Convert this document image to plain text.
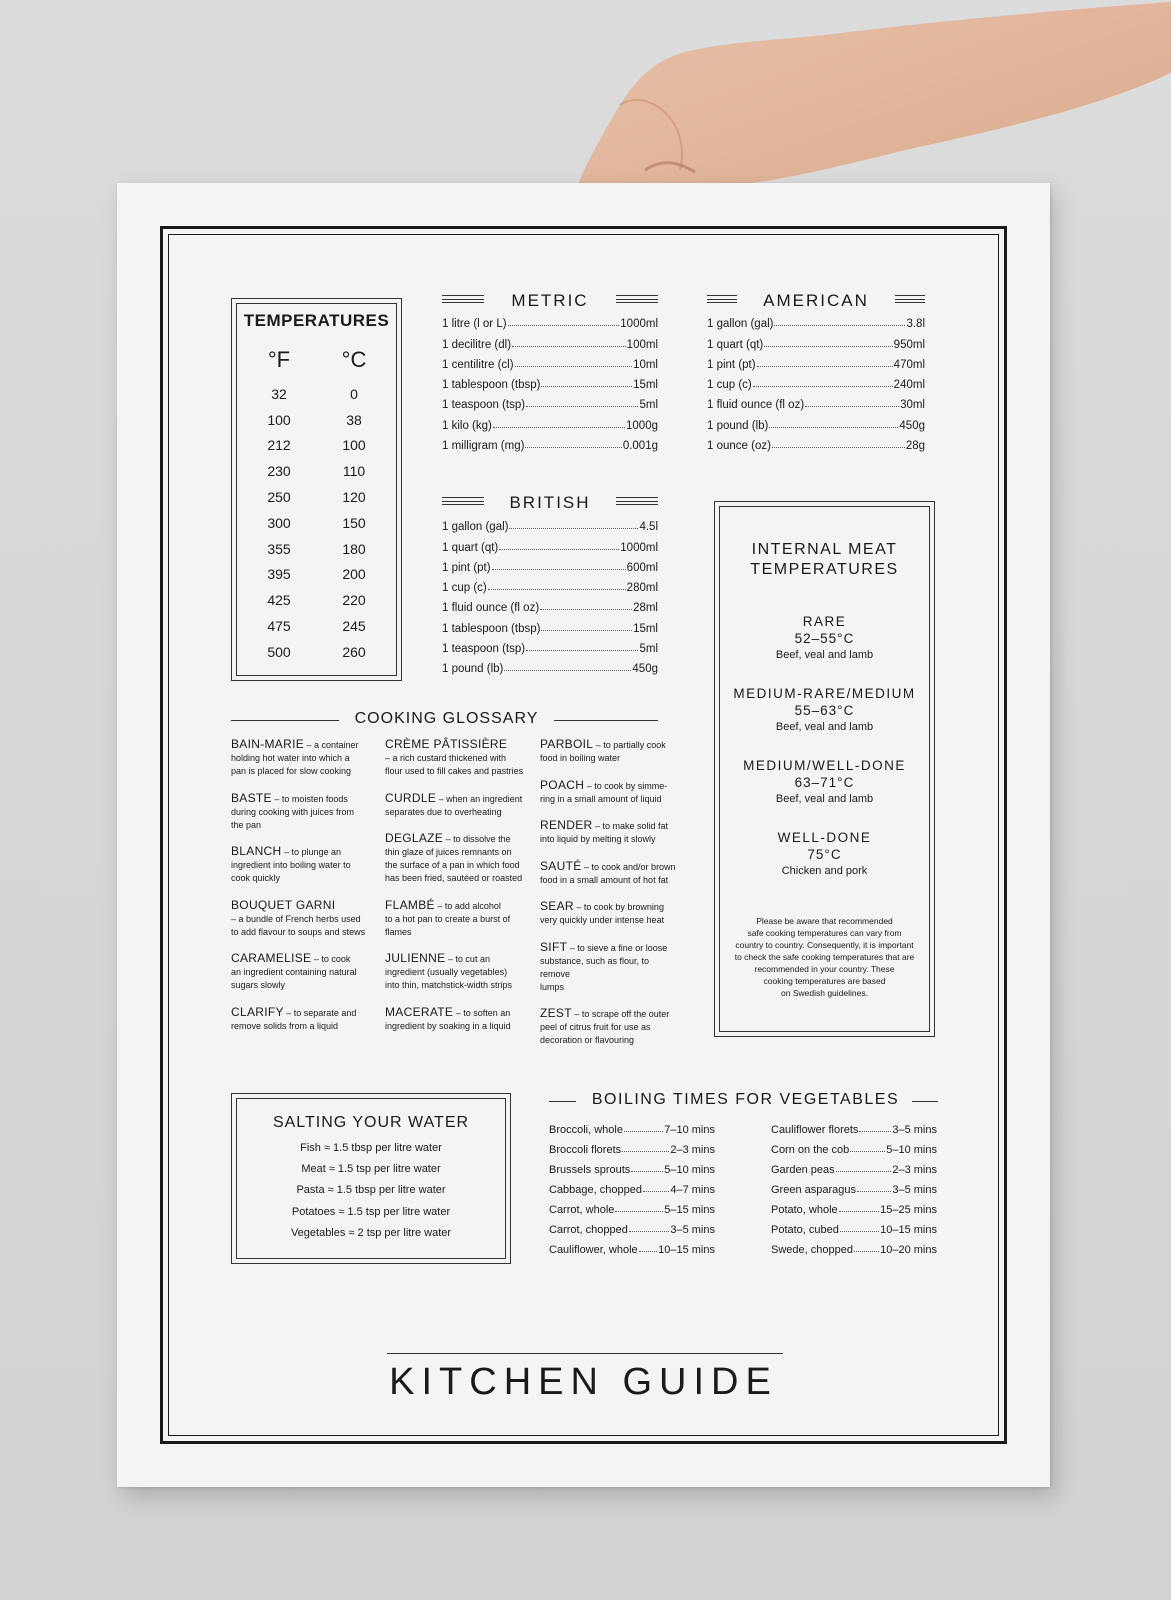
TEMPERATURES
°F	°C
32	0
100	38
212	100
230	110
250	120
300	150
355	180
395	200
425	220
475	245
500	260
METRIC
1 litre (l or L)	1000ml
1 decilitre (dl)	100ml
1 centilitre (cl)	10ml
1 tablespoon (tbsp)	15ml
1 teaspoon (tsp)	5ml
1 kilo (kg)	1000g
1 milligram (mg)	0.001g
AMERICAN
1 gallon (gal)	3.8l
1 quart (qt)	950ml
1 pint (pt)	470ml
1 cup (c)	240ml
1 fluid ounce (fl oz)	30ml
1 pound (lb)	450g
1 ounce (oz)	28g
BRITISH
1 gallon (gal)	4.5l
1 quart (qt)	1000ml
1 pint (pt)	600ml
1 cup (c)	280ml
1 fluid ounce (fl oz)	28ml
1 tablespoon (tbsp)	15ml
1 teaspoon (tsp)	5ml
1 pound (lb)	450g
INTERNAL MEAT
TEMPERATURES
RARE
52–55°C
Beef, veal and lamb
MEDIUM-RARE/MEDIUM
55–63°C
Beef, veal and lamb
MEDIUM/WELL-DONE
63–71°C
Beef, veal and lamb
WELL-DONE
75°C
Chicken and pork
Please be aware that recommended
safe cooking temperatures can vary from
country to country. Consequently, it is important
to check the safe cooking temperatures that are
recommended in your country. These
cooking temperatures are based
on Swedish guidelines.
COOKING GLOSSARY
BAIN-MARIE – a container
holding hot water into which a
pan is placed for slow cooking
BASTE – to moisten foods
during cooking with juices from
the pan
BLANCH – to plunge an
ingredient into boiling water to
cook quickly
BOUQUET GARNI
– a bundle of French herbs used
to add flavour to soups and stews
CARAMELISE – to cook
an ingredient containing natural
sugars slowly
CLARIFY – to separate and
remove solids from a liquid
CRÈME PÂTISSIÈRE
– a rich custard thickened with
flour used to fill cakes and pastries
CURDLE – when an ingredient
separates due to overheating
DEGLAZE – to dissolve the
thin glaze of juices remnants on
the surface of a pan in which food
has been fried, sautéed or roasted
FLAMBÉ – to add alcohol
to a hot pan to create a burst of
flames
JULIENNE – to cut an
ingredient (usually vegetables)
into thin, matchstick-width strips
MACERATE – to soften an
ingredient by soaking in a liquid
PARBOIL – to partially cook
food in boiling water
POACH – to cook by simme-
ring in a small amount of liquid
RENDER – to make solid fat
into liquid by melting it slowly
SAUTÉ – to cook and/or brown
food in a small amount of hot fat
SEAR – to cook by browning
very quickly under intense heat
SIFT – to sieve a fine or loose
substance, such as flour, to remove
lumps
ZEST – to scrape off the outer
peel of citrus fruit for use as
decoration or flavouring
SALTING YOUR WATER
Fish ≈ 1.5 tbsp per litre water
Meat ≈ 1.5 tsp per litre water
Pasta ≈ 1.5 tbsp per litre water
Potatoes ≈ 1.5 tsp per litre water
Vegetables ≈ 2 tsp per litre water
BOILING TIMES FOR VEGETABLES
Broccoli, whole	7–10 mins
Broccoli florets	2–3 mins
Brussels sprouts	5–10 mins
Cabbage, chopped	4–7 mins
Carrot, whole	5–15 mins
Carrot, chopped	3–5 mins
Cauliflower, whole 10–15 mins
Cauliflower florets	3–5 mins
Corn on the cob	5–10 mins
Garden peas	2–3 mins
Green asparagus	3–5 mins
Potato, whole	15–25 mins
Potato, cubed	10–15 mins
Swede, chopped 10–20 mins
KITCHEN GUIDE
